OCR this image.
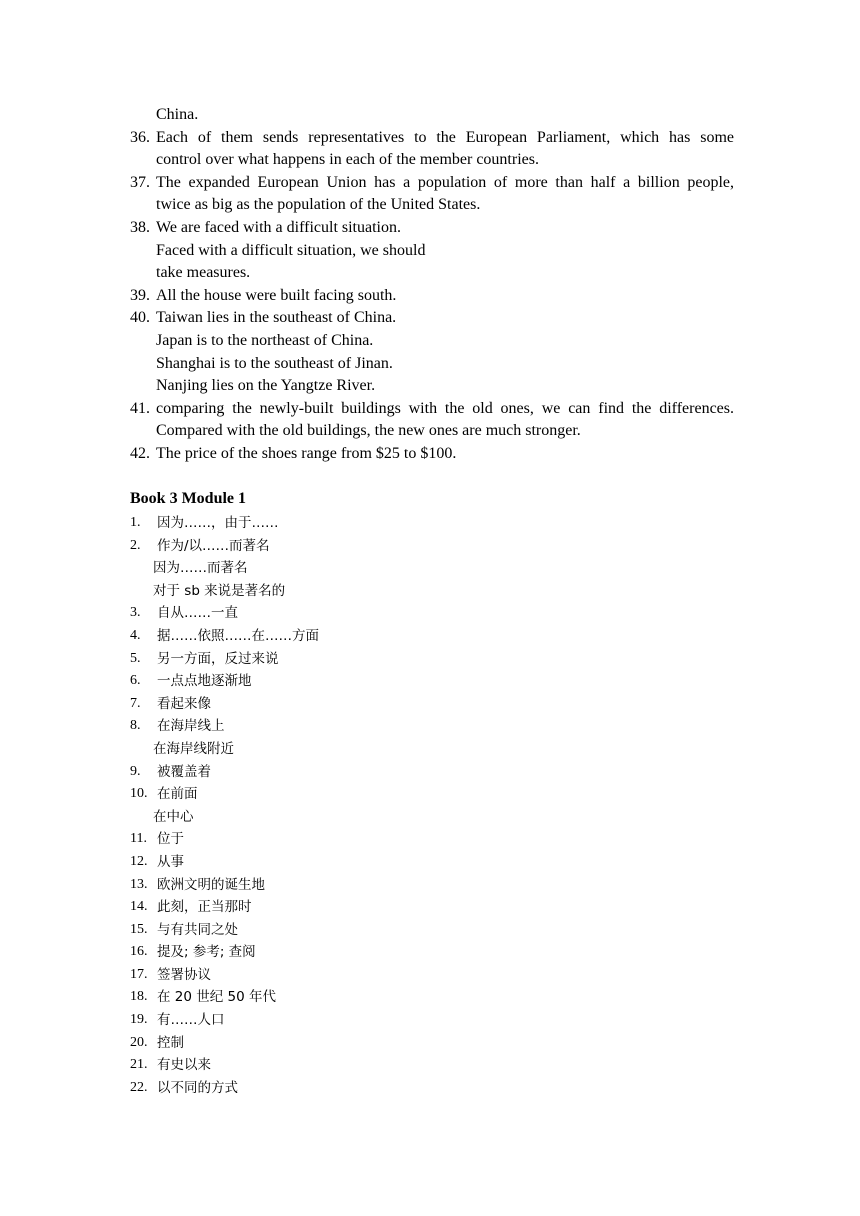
China.
36. Each of them sends representatives to the European Parliament, which has some
control over what happens in each of the member countries.
37. The expanded European Union has a population of more than half a billion people,
twice as big as the population of the United States.
38. We are faced with a difficult situation.
Faced with a difficult situation, we should
take measures.
39. All the house were built facing south.
40. Taiwan lies in the southeast of China.
Japan is to the northeast of China.
Shanghai is to the southeast of Jinan.
Nanjing lies on the Yangtze River.
41. comparing the newly-built buildings with the old ones, we can find the differences.
Compared with the old buildings, the new ones are much stronger.
42. The price of the shoes range from $25 to $100.
Book 3 Module 1
1. 因为……，由于……
2. 作为/以……而著名
因为……而著名
对于 sb 来说是著名的
3. 自从……一直
4. 据……依照……在……方面
5. 另一方面，反过来说
6. 一点点地逐渐地
7. 看起来像
8. 在海岸线上
在海岸线附近
9. 被覆盖着
10. 在前面
在中心
11. 位于
12. 从事
13. 欧洲文明的诞生地
14. 此刻，正当那时
15. 与有共同之处
16. 提及; 参考; 查阅
17. 签署协议
18. 在 20 世纪 50 年代
19. 有……人口
20. 控制
21. 有史以来
22. 以不同的方式
